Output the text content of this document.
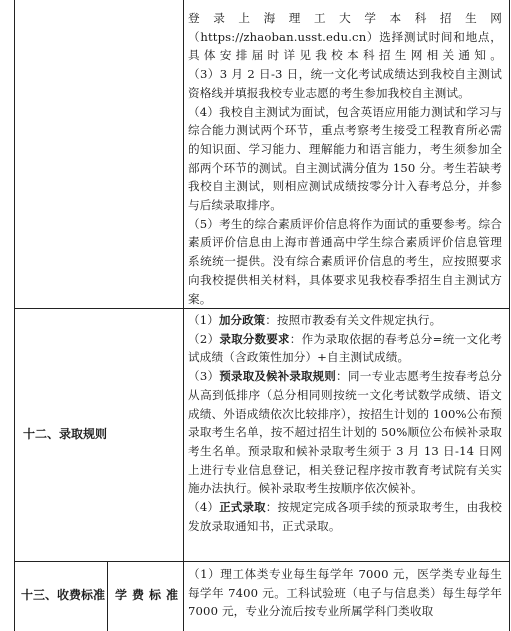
登录上海理工大学本科招生网（https://zhaoban.usst.edu.cn）选择测试时间和地点，具体安排届时详见我校本科招生网相关通知。

（3）3 月 2 日-3 日，统一文化考试成绩达到我校自主测试资格线并填报我校专业志愿的考生参加我校自主测试。

（4）我校自主测试为面试，包含英语应用能力测试和学习与综合能力测试两个环节，重点考察考生接受工程教育所必需的知识面、学习能力、理解能力和语言能力，考生须参加全部两个环节的测试。自主测试满分值为 150 分。考生若缺考我校自主测试，则相应测试成绩按零分计入春考总分，并参与后续录取排序。

（5）考生的综合素质评价信息将作为面试的重要参考。综合素质评价信息由上海市普通高中学生综合素质评价信息管理系统统一提供。没有综合素质评价信息的考生，应按照要求向我校提供相关材料，具体要求见我校春季招生自主测试方案。

十二、录取规则

（1）加分政策：按照市教委有关文件规定执行。

（2）录取分数要求：作为录取依据的春考总分=统一文化考试成绩（含政策性加分）+自主测试成绩。

（3）预录取及候补录取规则：同一专业志愿考生按春考总分从高到低排序（总分相同则按统一文化考试数学成绩、语文成绩、外语成绩依次比较排序），按招生计划的 100%公布预录取考生名单，按不超过招生计划的 50%顺位公布候补录取考生名单。预录取和候补录取考生须于 3 月 13 日-14 日网上进行专业信息登记，相关登记程序按市教育考试院有关实施办法执行。候补录取考生按顺序依次候补。

（4）正式录取：按规定完成各项手续的预录取考生，由我校发放录取通知书，正式录取。

十三、收费标准 学费标准

（1）理工体类专业每生每学年 7000 元，医学类专业每生每学年 7400 元。工科试验班（电子与信息类）每生每学年 7000 元，专业分流后按专业所属学科门类收取
